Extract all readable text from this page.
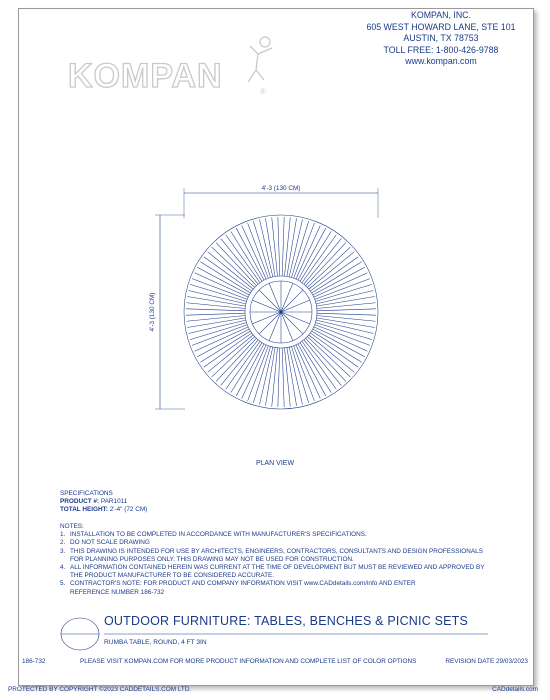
KOMPAN, INC.
605 WEST HOWARD LANE, STE 101
AUSTIN, TX 78753
TOLL FREE: 1-800-426-9788
www.kompan.com
KOMPAN	®
4'-3 (130 CM)
4'-3 (130 CM)
PLAN VIEW
SPECIFICATIONS
PRODUCT #: PAR1011
TOTAL HEIGHT: 2'-4" (72 CM)
NOTES:
1. INSTALLATION TO BE COMPLETED IN ACCORDANCE WITH MANUFACTURER'S SPECIFICATIONS.
2. DO NOT SCALE DRAWING
3. THIS DRAWING IS INTENDED FOR USE BY ARCHITECTS, ENGINEERS, CONTRACTORS, CONSULTANTS AND DESIGN PROFESSIONALS
FOR PLANNING PURPOSES ONLY. THIS DRAWING MAY NOT BE USED FOR CONSTRUCTION.
4. ALL INFORMATION CONTAINED HEREIN WAS CURRENT AT THE TIME OF DEVELOPMENT BUT MUST BE REVIEWED AND APPROVED BY
THE PRODUCT MANUFACTURER TO BE CONSIDERED ACCURATE.
5. CONTRACTOR'S NOTE: FOR PRODUCT AND COMPANY INFORMATION VISIT www.CADdetails.com/info AND ENTER
REFERENCE NUMBER 186-732
OUTDOOR FURNITURE: TABLES, BENCHES & PICNIC SETS
RUMBA TABLE, ROUND, 4 FT 3IN
186-732	PLEASE VISIT KOMPAN.COM FOR MORE PRODUCT INFORMATION AND COMPLETE LIST OF COLOR OPTIONS	REVISION DATE 29/03/2023
PROTECTED BY COPYRIGHT ©2023 CADDETAILS.COM LTD.	CADdetails.com
